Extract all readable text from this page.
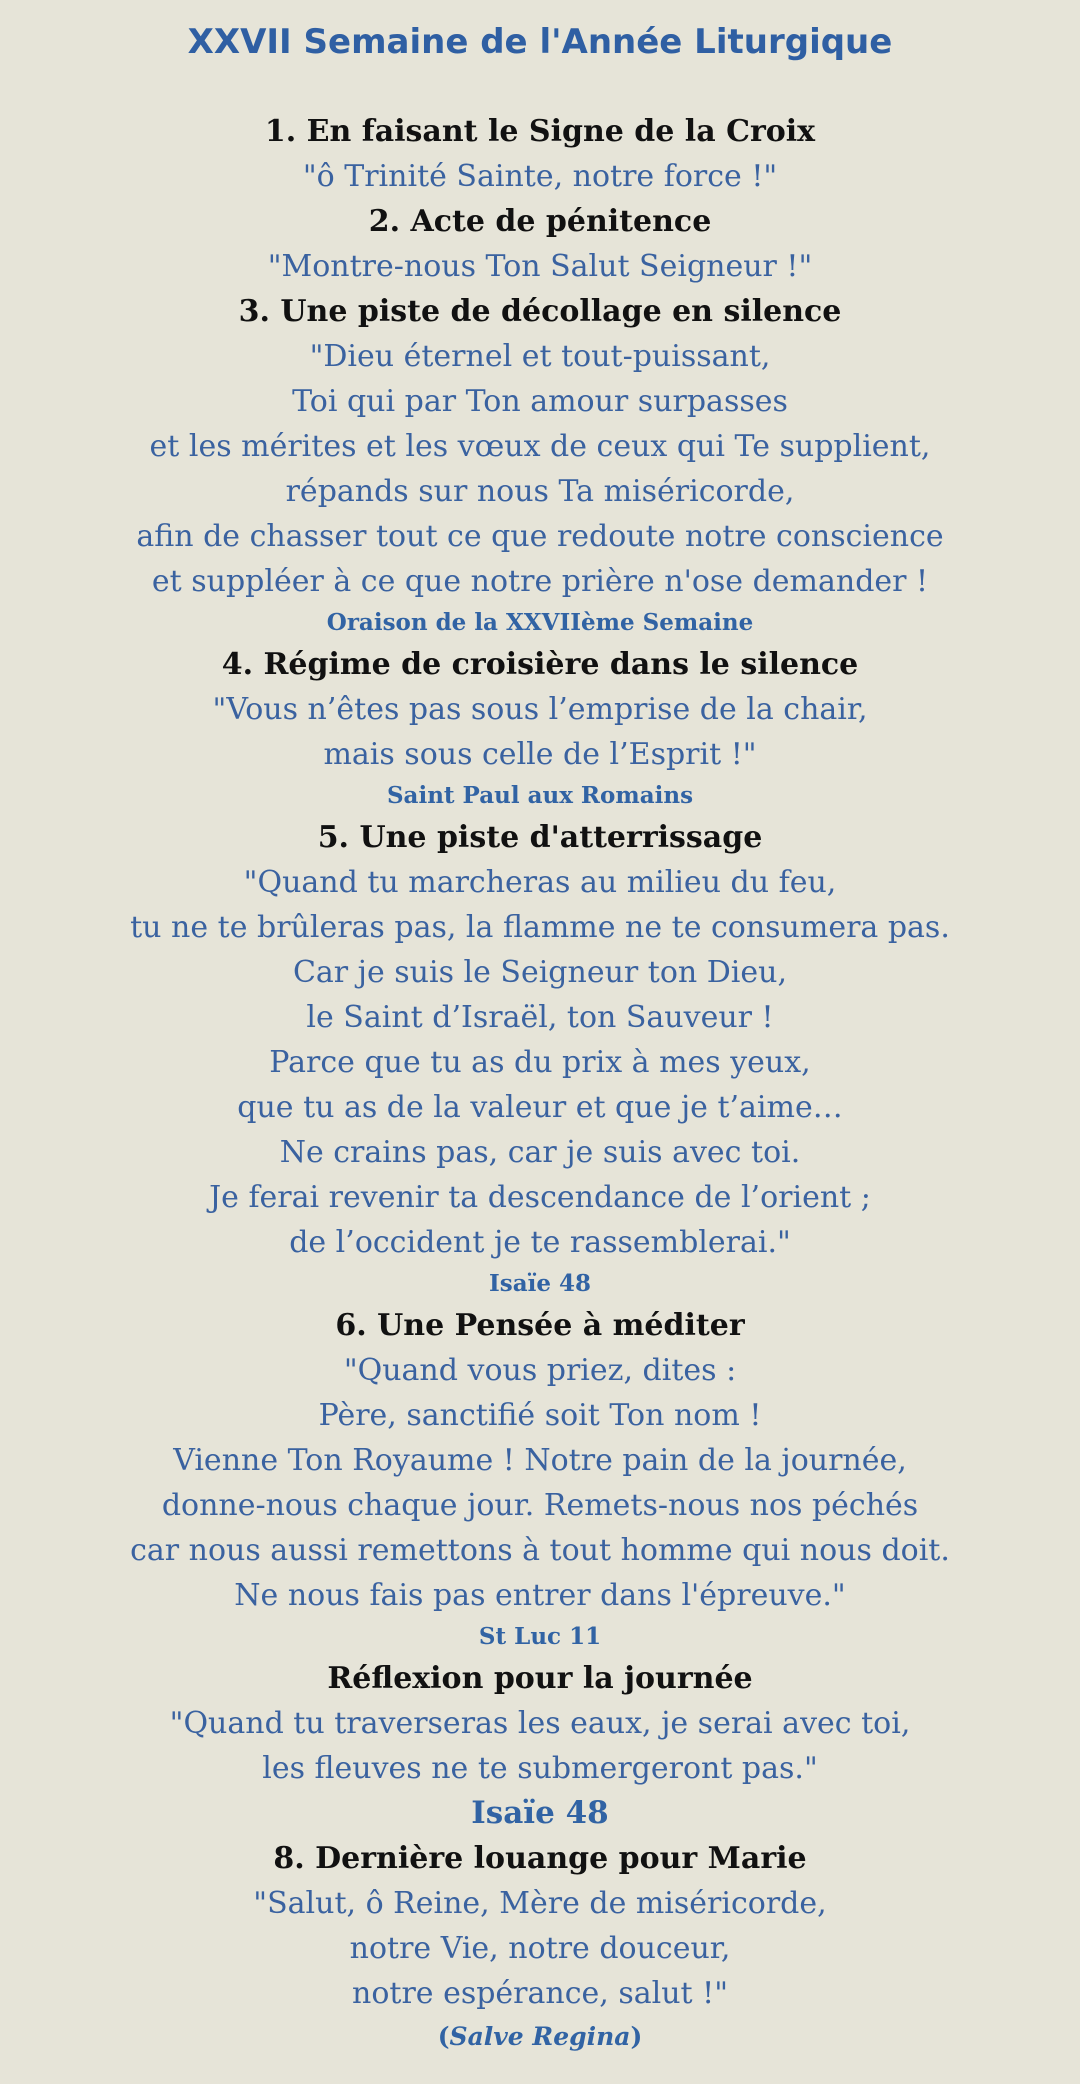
XXVII Semaine de l'Année Liturgique
1. En faisant le Signe de la Croix
"ô Trinité Sainte, notre force !"
2. Acte de pénitence
"Montre-nous Ton Salut Seigneur !"
3. Une piste de décollage en silence
"Dieu éternel et tout-puissant,
Toi qui par Ton amour surpasses
et les mérites et les vœux de ceux qui Te supplient,
répands sur nous Ta miséricorde,
afin de chasser tout ce que redoute notre conscience
et suppléer à ce que notre prière n'ose demander !
Oraison de la XXVIIème Semaine
4. Régime de croisière dans le silence
"Vous n’êtes pas sous l’emprise de la chair,
mais sous celle de l’Esprit !"
Saint Paul aux Romains
5. Une piste d'atterrissage
"Quand tu marcheras au milieu du feu,
tu ne te brûleras pas, la flamme ne te consumera pas.
Car je suis le Seigneur ton Dieu,
le Saint d’Israël, ton Sauveur !
Parce que tu as du prix à mes yeux,
que tu as de la valeur et que je t’aime…
Ne crains pas, car je suis avec toi.
Je ferai revenir ta descendance de l’orient ;
de l’occident je te rassemblerai."
Isaïe 48
6. Une Pensée à méditer
"Quand vous priez, dites :
Père, sanctifié soit Ton nom !
Vienne Ton Royaume ! Notre pain de la journée,
donne-nous chaque jour. Remets-nous nos péchés
car nous aussi remettons à tout homme qui nous doit.
Ne nous fais pas entrer dans l'épreuve."
St Luc 11
Réflexion pour la journée
"Quand tu traverseras les eaux, je serai avec toi,
les fleuves ne te submergeront pas."
Isaïe 48
8. Dernière louange pour Marie
"Salut, ô Reine, Mère de miséricorde,
notre Vie, notre douceur,
notre espérance, salut !"
(Salve Regina)
